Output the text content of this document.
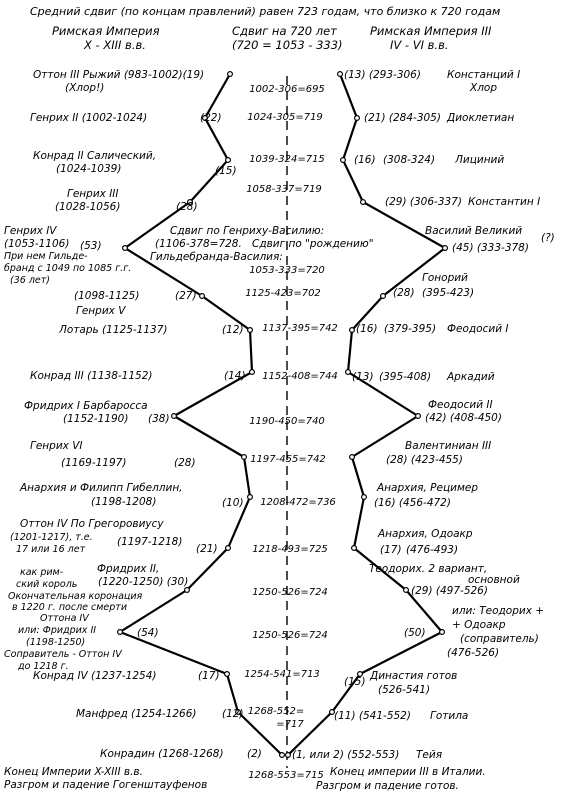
Средний сдвиг (по концам правлений) равен 723 годам, что близко к 720 годам
Римская Империя
X - XIII в.в.
Сдвиг на 720 лет
(720 = 1053 - 333)
Римская Империя III
IV - VI в.в.
1002-306=695
1024-305=719
1039-324=715
1058-337=719
1053-333=720
1125-423=702
1137-395=742
1152-408=744
1190-450=740
1197-455=742
1208-472=736
1218-493=725
1250-526=724
1250-526=724
1254-541=713
1268-552=
=717
1268-553=715
Сдвиг по Генриху-Василию:
(1106-378=728. Сдвиг по "рождению"
Гильдебранда-Василия:
Оттон III Рыжий (983-1002)(19)
(Хлор!)
Генрих II (1002-1024)	(22)
Конрад II Салический,
(1024-1039)	(15)
Генрих III
(1028-1056)	(28)
Генрих IV
(1053-1106) (53)
При нем Гильде-
бранд с 1049 по 1085 г.г.
(36 лет)
(1098-1125)	(27)
Генрих V
Лотарь (1125-1137)	(12)
Конрад III (1138-1152)	(14)
Фридрих I Барбаросса
(1152-1190) (38)
Генрих VI
(1169-1197)	(28)
Анархия и Филипп Гибеллин,
(1198-1208)	(10)
Оттон IV По Грегоровиусу
(1201-1217), т.е.
17 или 16 лет
(1197-1218)
(21)
как рим-
ский король
Фридрих II,
(1220-1250) (30)
Окончательная коронация
в 1220 г. после смерти
Оттона IV
или: Фридрих II
(1198-1250)
(54)
Соправитель - Оттон IV
до 1218 г.
Конрад IV (1237-1254)	(17)
Манфред (1254-1266) (12)
Конрадин (1268-1268) (2)
Конец Империи X-XIII в.в.
Разгром и падение Гогенштауфенов
(13) (293-306) Констанций I
Хлор
(21) (284-305) Диоклетиан
(16) (308-324) Лициний
(29) (306-337) Константин I
Василий Великий
(?)
(45) (333-378)
Гонорий
(28) (395-423)
(16) (379-395) Феодосий I
(13) (395-408) Аркадий
Феодосий II
(42) (408-450)
Валентиниан III
(28) (423-455)
Анархия, Рецимер
(16) (456-472)
Анархия, Одоакр
(17) (476-493)
Теодорих. 2 вариант,
основной
(29) (497-526)
или: Теодорих +
+ Одоакр
(соправитель)
(50)
(476-526)
Династия готов
(526-541)
(15)
(11) (541-552) Готила
(1, или 2) (552-553) Тейя
Конец империи III в Италии.
Разгром и падение готов.
